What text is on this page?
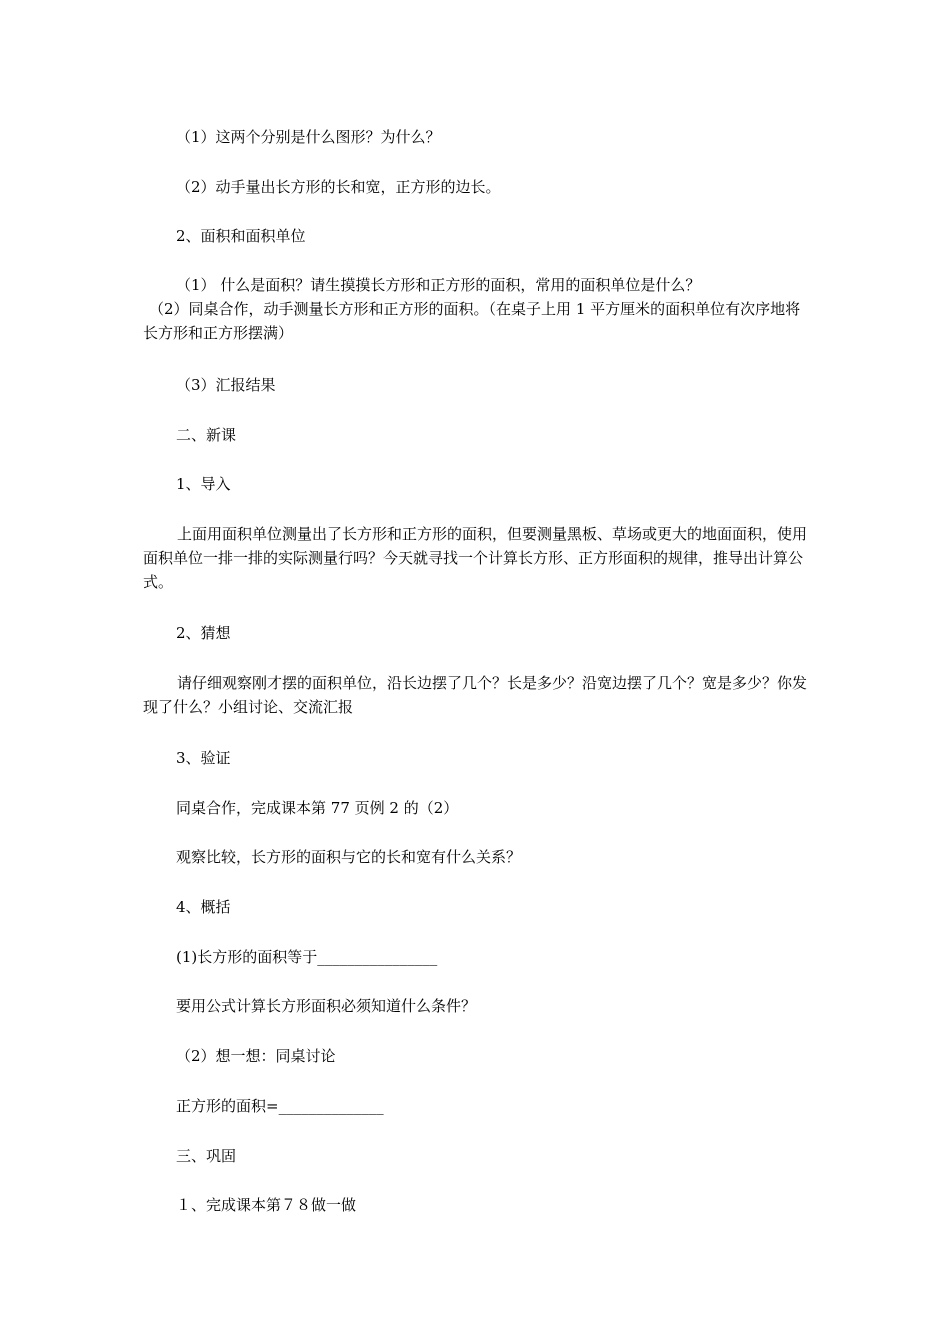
（1）这两个分别是什么图形？为什么？
（2）动手量出长方形的长和宽，正方形的边长。
2、面积和面积单位
（1） 什么是面积？请生摸摸长方形和正方形的面积，常用的面积单位是什么？
（2）同桌合作，动手测量长方形和正方形的面积。（在桌子上用 1 平方厘米的面积单位有次序地将长方形和正方形摆满）
（3）汇报结果
二、新课
1、导入
上面用面积单位测量出了长方形和正方形的面积，但要测量黑板、草场或更大的地面面积，使用面积单位一排一排的实际测量行吗？今天就寻找一个计算长方形、正方形面积的规律，推导出计算公式。
2、猜想
请仔细观察刚才摆的面积单位，沿长边摆了几个？长是多少？沿宽边摆了几个？宽是多少？你发现了什么？小组讨论、交流汇报
3、验证
同桌合作，完成课本第 77 页例 2 的（2）
观察比较，长方形的面积与它的长和宽有什么关系？
4、概括
(1)长方形的面积等于________________
要用公式计算长方形面积必须知道什么条件？
（2）想一想：同桌讨论
正方形的面积=______________
三、巩固
１、完成课本第７８做一做
